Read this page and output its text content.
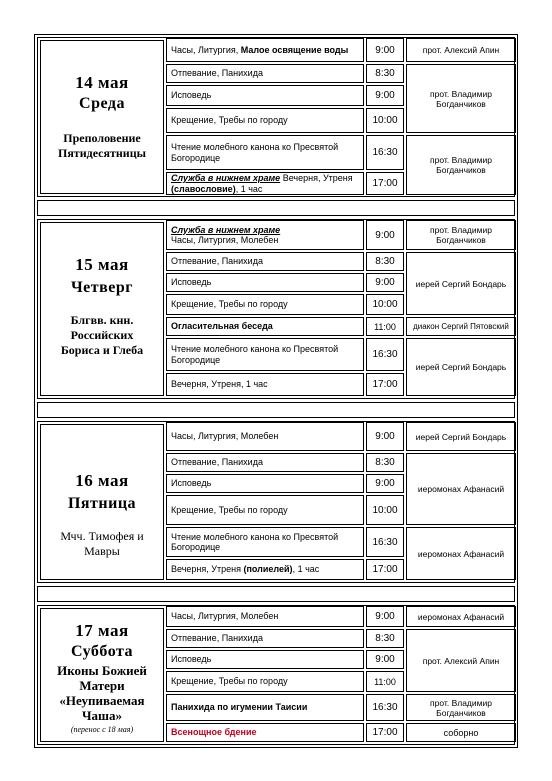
14 мая
Среда
Преполовение Пятидесятницы
Часы, Литургия, Малое освящение воды	9:00	прот. Алексий Апин
Отпевание, Панихида	8:30
Исповедь	9:00
Крещение, Требы по городу	10:00
прот. Владимир Богданчиков
Чтение молебного канона ко Пресвятой Богородице	16:30
Служба в нижнем храме Вечерня, Утреня (славословие), 1 час	17:00
прот. Владимир Богданчиков
15 мая
Четверг
Блгвв. кнн. Российских Бориса и Глеба
Служба в нижнем храме
Часы, Литургия, Молебен	9:00	прот. Владимир Богданчиков
Отпевание, Панихида	8:30
Исповедь	9:00
Крещение, Требы по городу	10:00
иерей Сергий Бондарь
Огласительная беседа	11:00	диакон Сергий Пятовский
Чтение молебного канона ко Пресвятой Богородице	16:30
Вечерня, Утреня, 1 час	17:00
иерей Сергий Бондарь
16 мая
Пятница
Мчч. Тимофея и Мавры
Часы, Литургия, Молебен	9:00	иерей Сергий Бондарь
Отпевание, Панихида	8:30
Исповедь	9:00
Крещение, Требы по городу	10:00
иеромонах Афанасий
Чтение молебного канона ко Пресвятой Богородице	16:30
Вечерня, Утреня (полиелей), 1 час	17:00
иеромонах Афанасий
17 мая
Суббота
Иконы Божией Матери «Неупиваемая Чаша»
(перенос с 18 мая)
Часы, Литургия, Молебен	9:00	иеромонах Афанасий
Отпевание, Панихида	8:30
Исповедь	9:00
Крещение, Требы по городу	11:00
прот. Алексий Апин
Панихида по игумении Таисии	16:30	прот. Владимир Богданчиков
Всенощное бдение	17:00	соборно
